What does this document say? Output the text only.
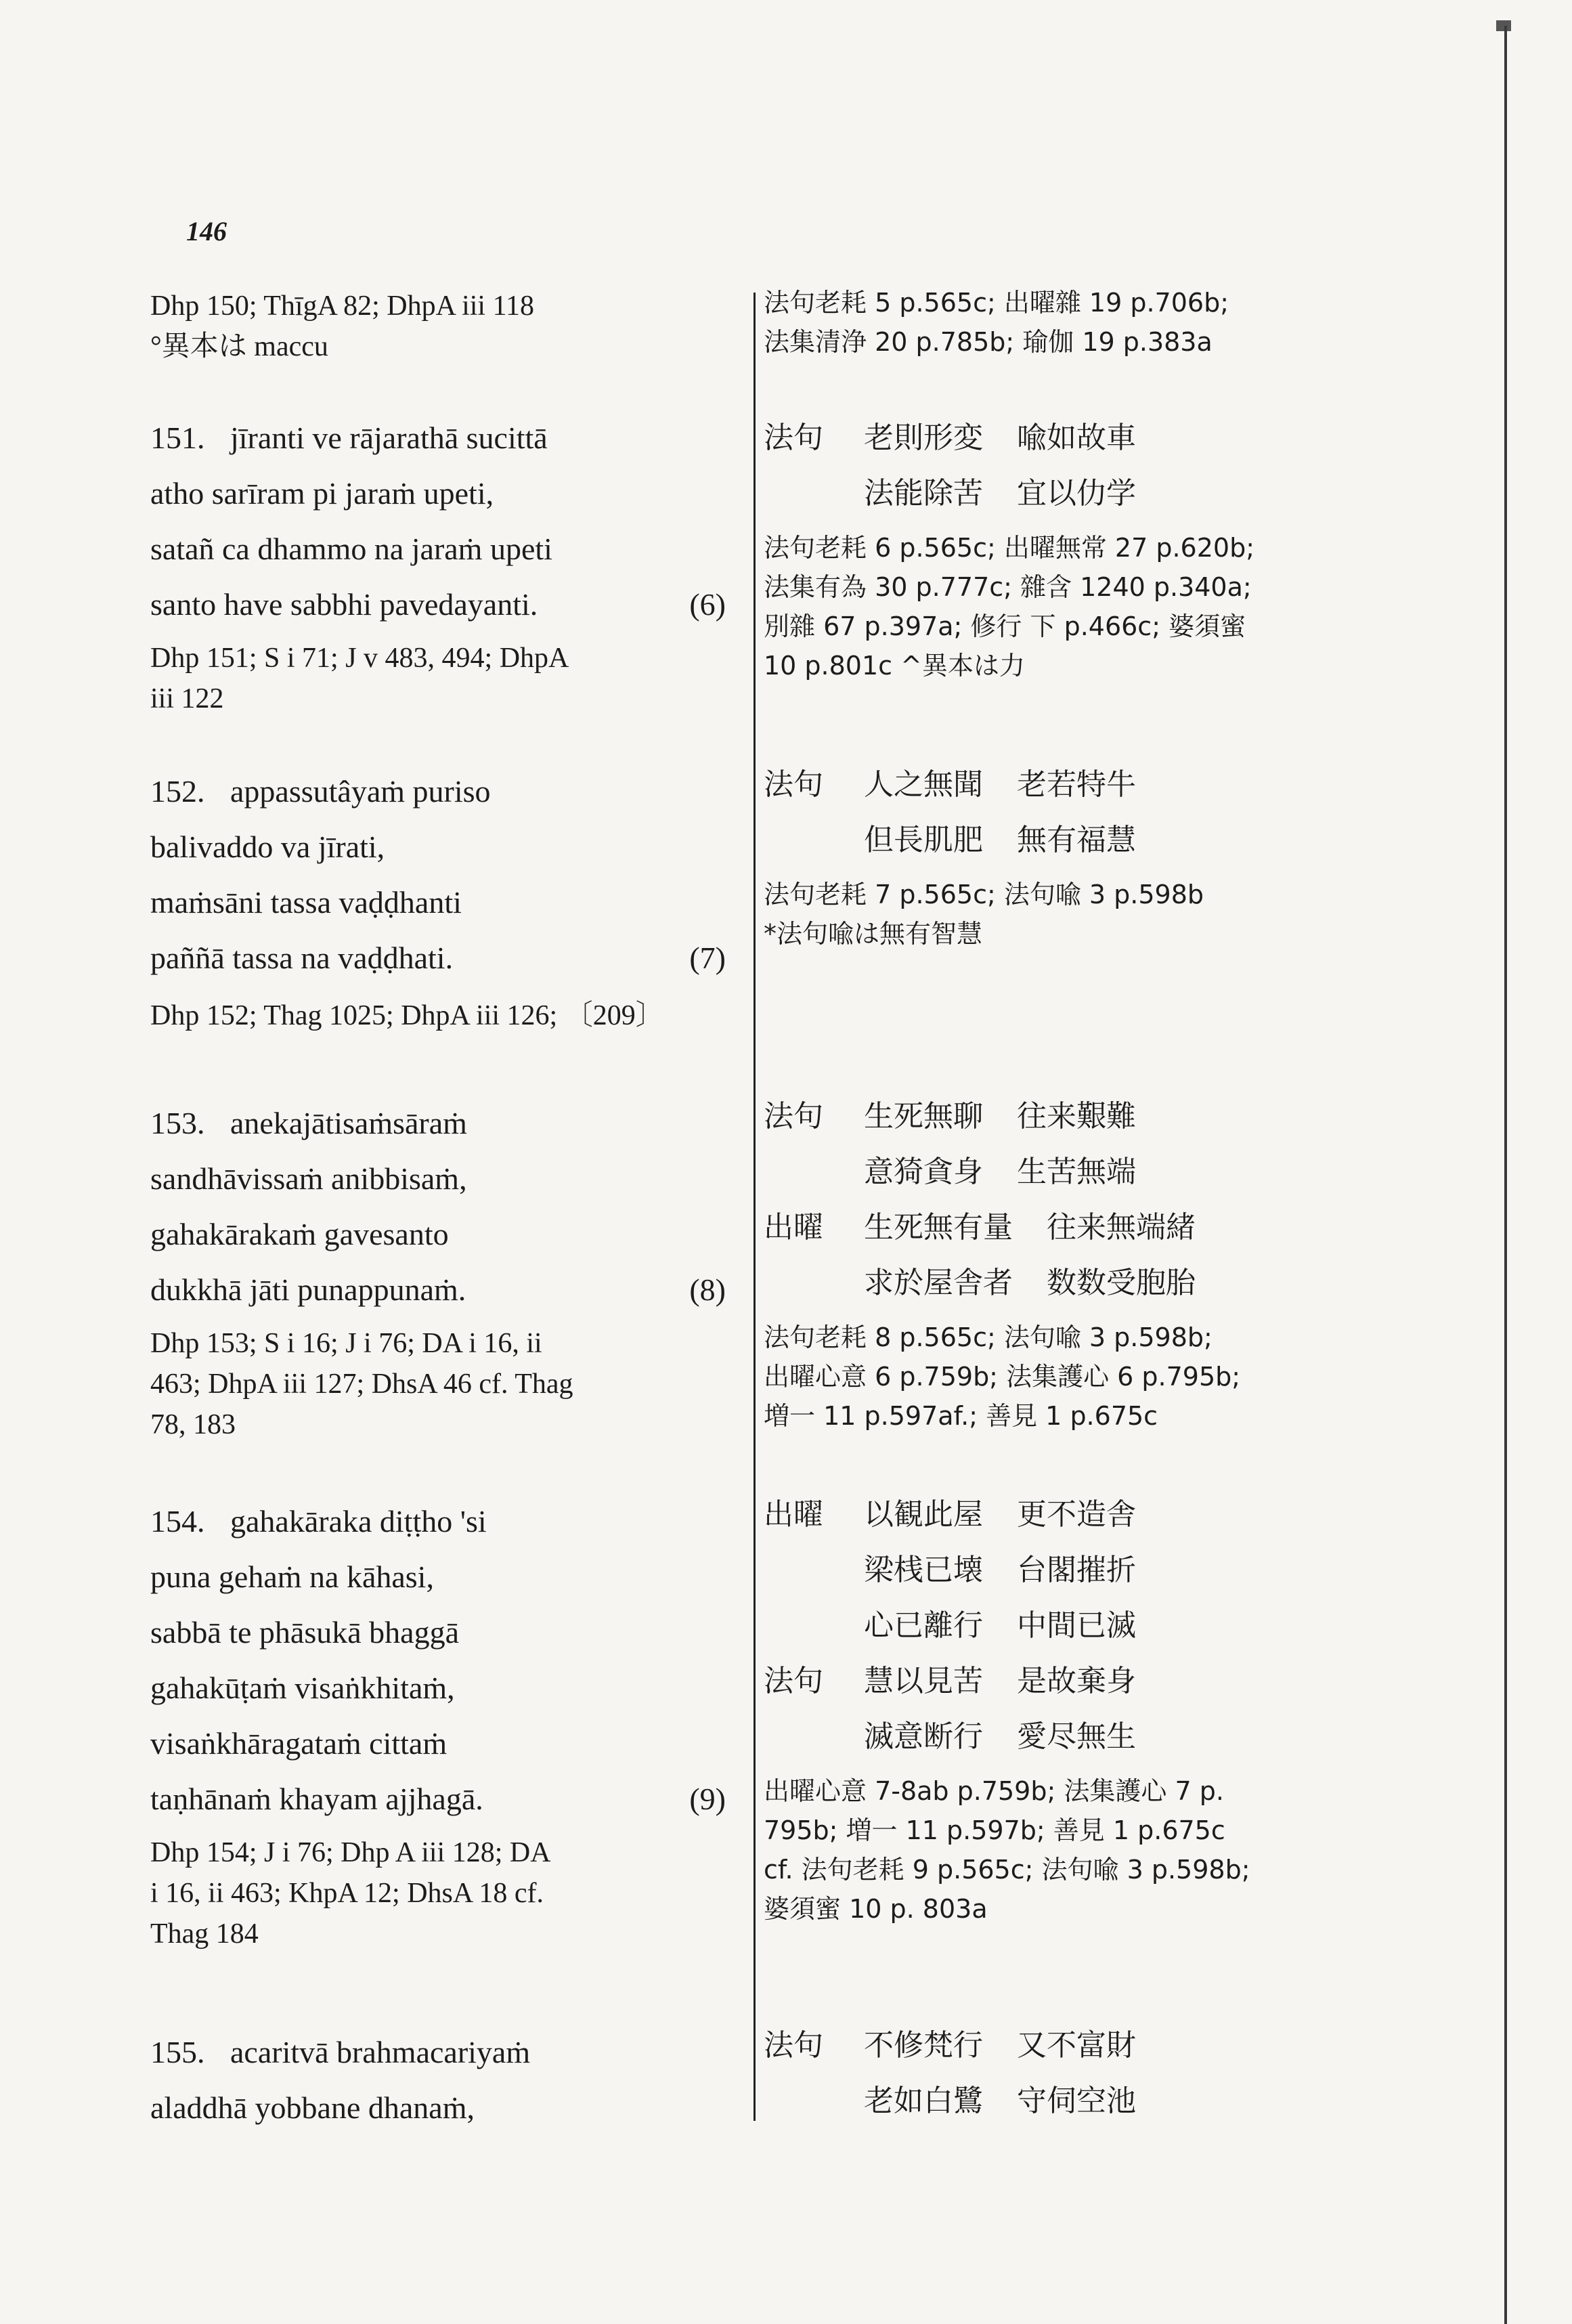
146
Dhp 150; ThīgA 82; DhpA iii 118
°異本は maccu
法句老耗 5 p.565c; 出曜雜 19 p.706b;
法集清浄 20 p.785b; 瑜伽 19 p.383a
151. jīranti ve rājarathā sucittā
atho sarīram pi jaraṁ upeti,
satañ ca dhammo na jaraṁ upeti
santo have sabbhi pavedayanti.	(6)
Dhp 151; S i 71; J v 483, 494; DhpA
iii 122
法句 老則形変 喩如故車
法能除苦 宜以仂学
法句老耗 6 p.565c; 出曜無常 27 p.620b;
法集有為 30 p.777c; 雜含 1240 p.340a;
別雜 67 p.397a; 修行 下 p.466c; 婆須蜜
10 p.801c ^異本は力
152. appassutâyaṁ puriso
balivaddo va jīrati,
maṁsāni tassa vaḍḍhanti
paññā tassa na vaḍḍhati.	(7)
Dhp 152; Thag 1025; DhpA iii 126; 〔209〕
法句 人之無聞 老若特牛
但長肌肥 無有福慧
法句老耗 7 p.565c; 法句喩 3 p.598b
*法句喩は無有智慧
153. anekajātisaṁsāraṁ
sandhāvissaṁ anibbisaṁ,
gahakārakaṁ gavesanto
dukkhā jāti punappunaṁ.	(8)
Dhp 153; S i 16; J i 76; DA i 16, ii
463; DhpA iii 127; DhsA 46 cf. Thag
78, 183
法句 生死無聊 往来艱難
意猗貪身 生苦無端
出曜 生死無有量 往来無端緒
求於屋舎者 数数受胞胎
法句老耗 8 p.565c; 法句喩 3 p.598b;
出曜心意 6 p.759b; 法集護心 6 p.795b;
増一 11 p.597af.; 善見 1 p.675c
154. gahakāraka diṭṭho 'si
puna gehaṁ na kāhasi,
sabbā te phāsukā bhaggā
gahakūṭaṁ visaṅkhitaṁ,
visaṅkhāragataṁ cittaṁ
taṇhānaṁ khayam ajjhagā.	(9)
Dhp 154; J i 76; Dhp A iii 128; DA
i 16, ii 463; KhpA 12; DhsA 18 cf.
Thag 184
出曜 以観此屋 更不造舎
梁桟已壊 台閣摧折
心已離行 中間已滅
法句 慧以見苦 是故棄身
滅意断行 愛尽無生
出曜心意 7-8ab p.759b; 法集護心 7 p.
795b; 増一 11 p.597b; 善見 1 p.675c
cf. 法句老耗 9 p.565c; 法句喩 3 p.598b;
婆須蜜 10 p. 803a
155. acaritvā brahmacariyaṁ
aladdhā yobbane dhanaṁ,
法句 不修梵行 又不富財
老如白鷺 守伺空池
